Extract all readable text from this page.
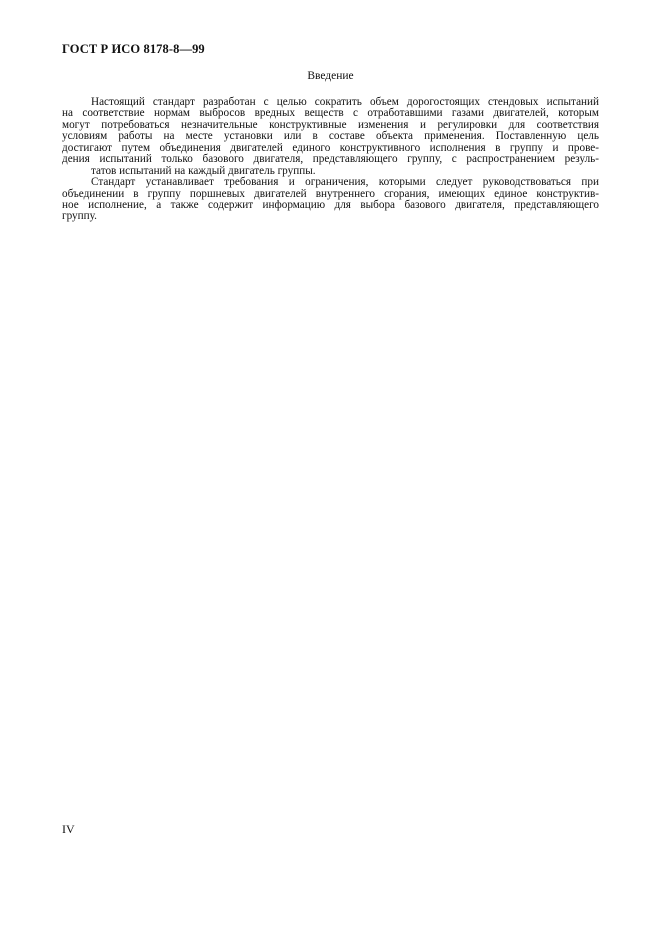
ГОСТ Р ИСО 8178-8—99
Введение
Настоящий стандарт разработан с целью сократить объем дорогостоящих стендовых испытаний
на соответствие нормам выбросов вредных веществ с отработавшими газами двигателей, которым
могут потребоваться незначительные конструктивные изменения и регулировки для соответствия
условиям работы на месте установки или в составе объекта применения. Поставленную цель
достигают путем объединения двигателей единого конструктивного исполнения в группу и прове-
дения испытаний только базового двигателя, представляющего группу, с распространением резуль-
татов испытаний на каждый двигатель группы.
Стандарт устанавливает требования и ограничения, которыми следует руководствоваться при
объединении в группу поршневых двигателей внутреннего сгорания, имеющих единое конструктив-
ное исполнение, а также содержит информацию для выбора базового двигателя, представляющего
группу.
IV
